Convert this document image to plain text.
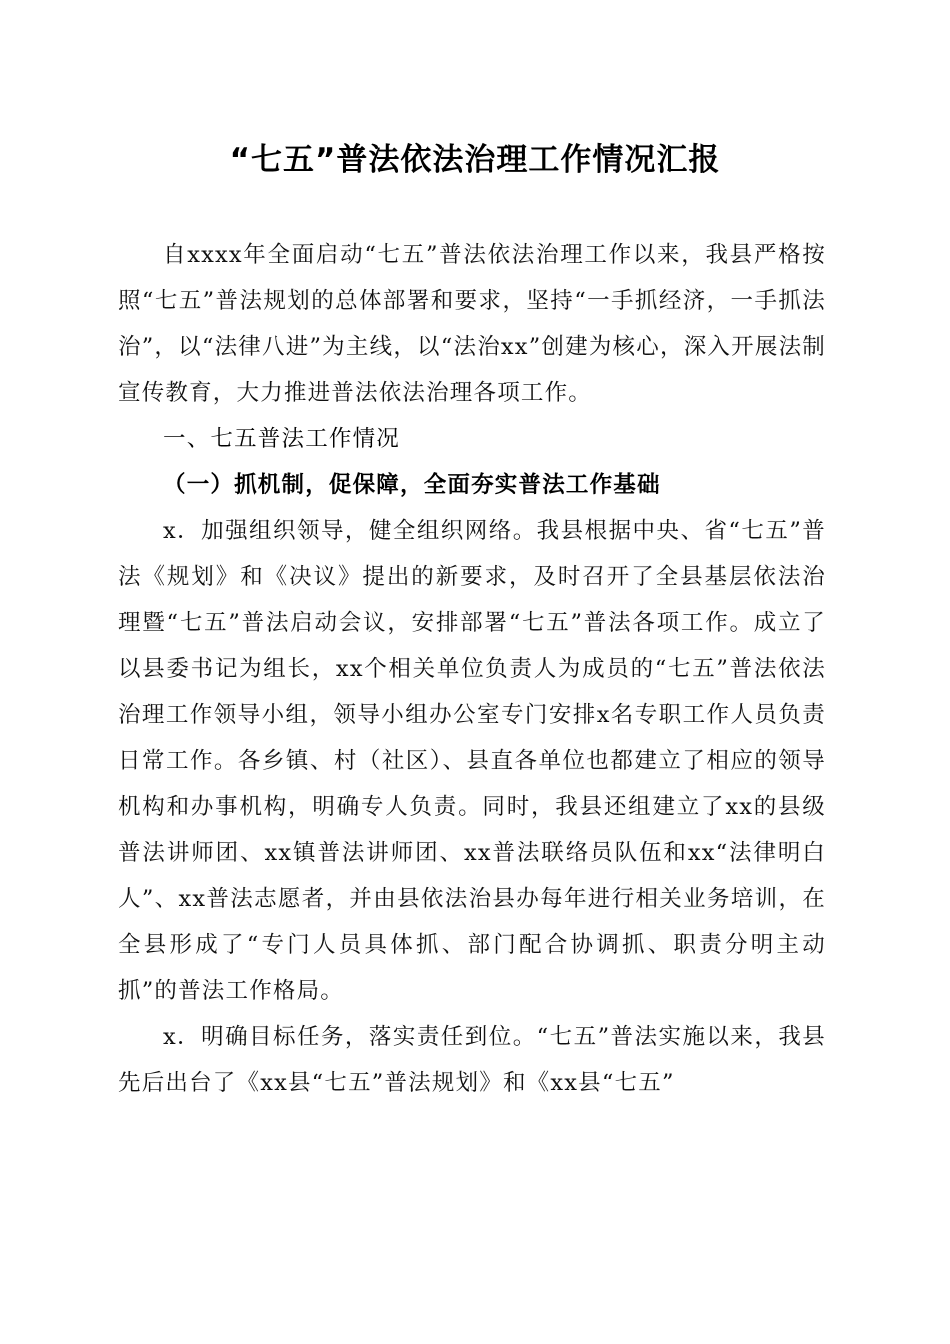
“七五”普法依法治理工作情况汇报

自xxxx年全面启动“七五”普法依法治理工作以来，我县严格按照“七五”普法规划的总体部署和要求，坚持“一手抓经济，一手抓法治”，以“法律八进”为主线，以“法治xx”创建为核心，深入开展法制宣传教育，大力推进普法依法治理各项工作。

一、七五普法工作情况

（一）抓机制，促保障，全面夯实普法工作基础

x．加强组织领导，健全组织网络。我县根据中央、省“七五”普法《规划》和《决议》提出的新要求，及时召开了全县基层依法治理暨“七五”普法启动会议，安排部署“七五”普法各项工作。成立了以县委书记为组长，xx个相关单位负责人为成员的“七五”普法依法治理工作领导小组，领导小组办公室专门安排x名专职工作人员负责日常工作。各乡镇、村（社区）、县直各单位也都建立了相应的领导机构和办事机构，明确专人负责。同时，我县还组建立了xx的县级普法讲师团、xx镇普法讲师团、xx普法联络员队伍和xx“法律明白人”、xx普法志愿者，并由县依法治县办每年进行相关业务培训，在全县形成了“专门人员具体抓、部门配合协调抓、职责分明主动抓”的普法工作格局。

x．明确目标任务，落实责任到位。“七五”普法实施以来，我县先后出台了《xx县“七五”普法规划》和《xx县“七五”
